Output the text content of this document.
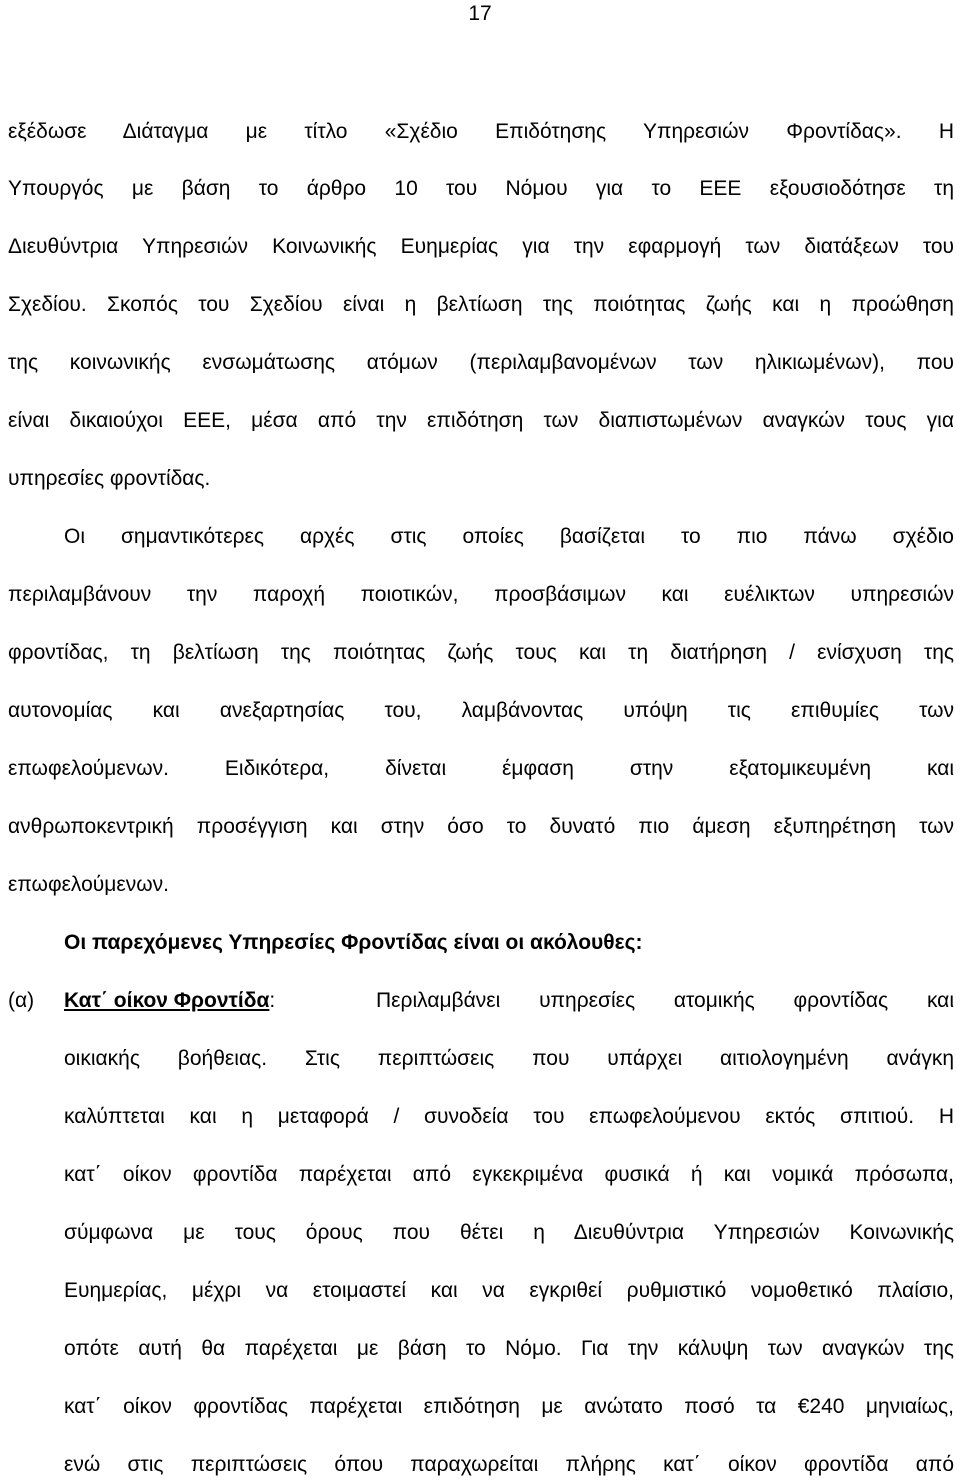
17
εξέδωσε Διάταγμα με τίτλο «Σχέδιο Επιδότησης Υπηρεσιών Φροντίδας». Η
Υπουργός με βάση το άρθρο 10 του Νόμου για το ΕΕΕ εξουσιοδότησε τη
Διευθύντρια Υπηρεσιών Κοινωνικής Ευημερίας για την εφαρμογή των διατάξεων του
Σχεδίου. Σκοπός του Σχεδίου είναι η βελτίωση της ποιότητας ζωής και η προώθηση
της κοινωνικής ενσωμάτωσης ατόμων (περιλαμβανομένων των ηλικιωμένων), που
είναι δικαιούχοι ΕΕΕ, μέσα από την επιδότηση των διαπιστωμένων αναγκών τους για
υπηρεσίες φροντίδας.
Οι σημαντικότερες αρχές στις οποίες βασίζεται το πιο πάνω σχέδιο
περιλαμβάνουν την παροχή ποιοτικών, προσβάσιμων και ευέλικτων υπηρεσιών
φροντίδας, τη βελτίωση της ποιότητας ζωής τους και τη διατήρηση / ενίσχυση της
αυτονομίας και ανεξαρτησίας του, λαμβάνοντας υπόψη τις επιθυμίες των
επωφελούμενων. Ειδικότερα, δίνεται έμφαση στην εξατομικευμένη και
ανθρωποκεντρική προσέγγιση και στην όσο το δυνατό πιο άμεση εξυπηρέτηση των
επωφελούμενων.
Οι παρεχόμενες Υπηρεσίες Φροντίδας είναι οι ακόλουθες:
(α) Κατ΄ οίκον Φροντίδα:	Περιλαμβάνει υπηρεσίες ατομικής φροντίδας και
οικιακής βοήθειας. Στις περιπτώσεις που υπάρχει αιτιολογημένη ανάγκη
καλύπτεται και η μεταφορά / συνοδεία του επωφελούμενου εκτός σπιτιού. Η
κατ΄ οίκον φροντίδα παρέχεται από εγκεκριμένα φυσικά ή και νομικά πρόσωπα,
σύμφωνα με τους όρους που θέτει η Διευθύντρια Υπηρεσιών Κοινωνικής
Ευημερίας, μέχρι να ετοιμαστεί και να εγκριθεί ρυθμιστικό νομοθετικό πλαίσιο,
οπότε αυτή θα παρέχεται με βάση το Νόμο. Για την κάλυψη των αναγκών της
κατ΄ οίκον φροντίδας παρέχεται επιδότηση με ανώτατο ποσό τα €240 μηνιαίως,
ενώ στις περιπτώσεις όπου παραχωρείται πλήρης κατ΄ οίκον φροντίδα από
